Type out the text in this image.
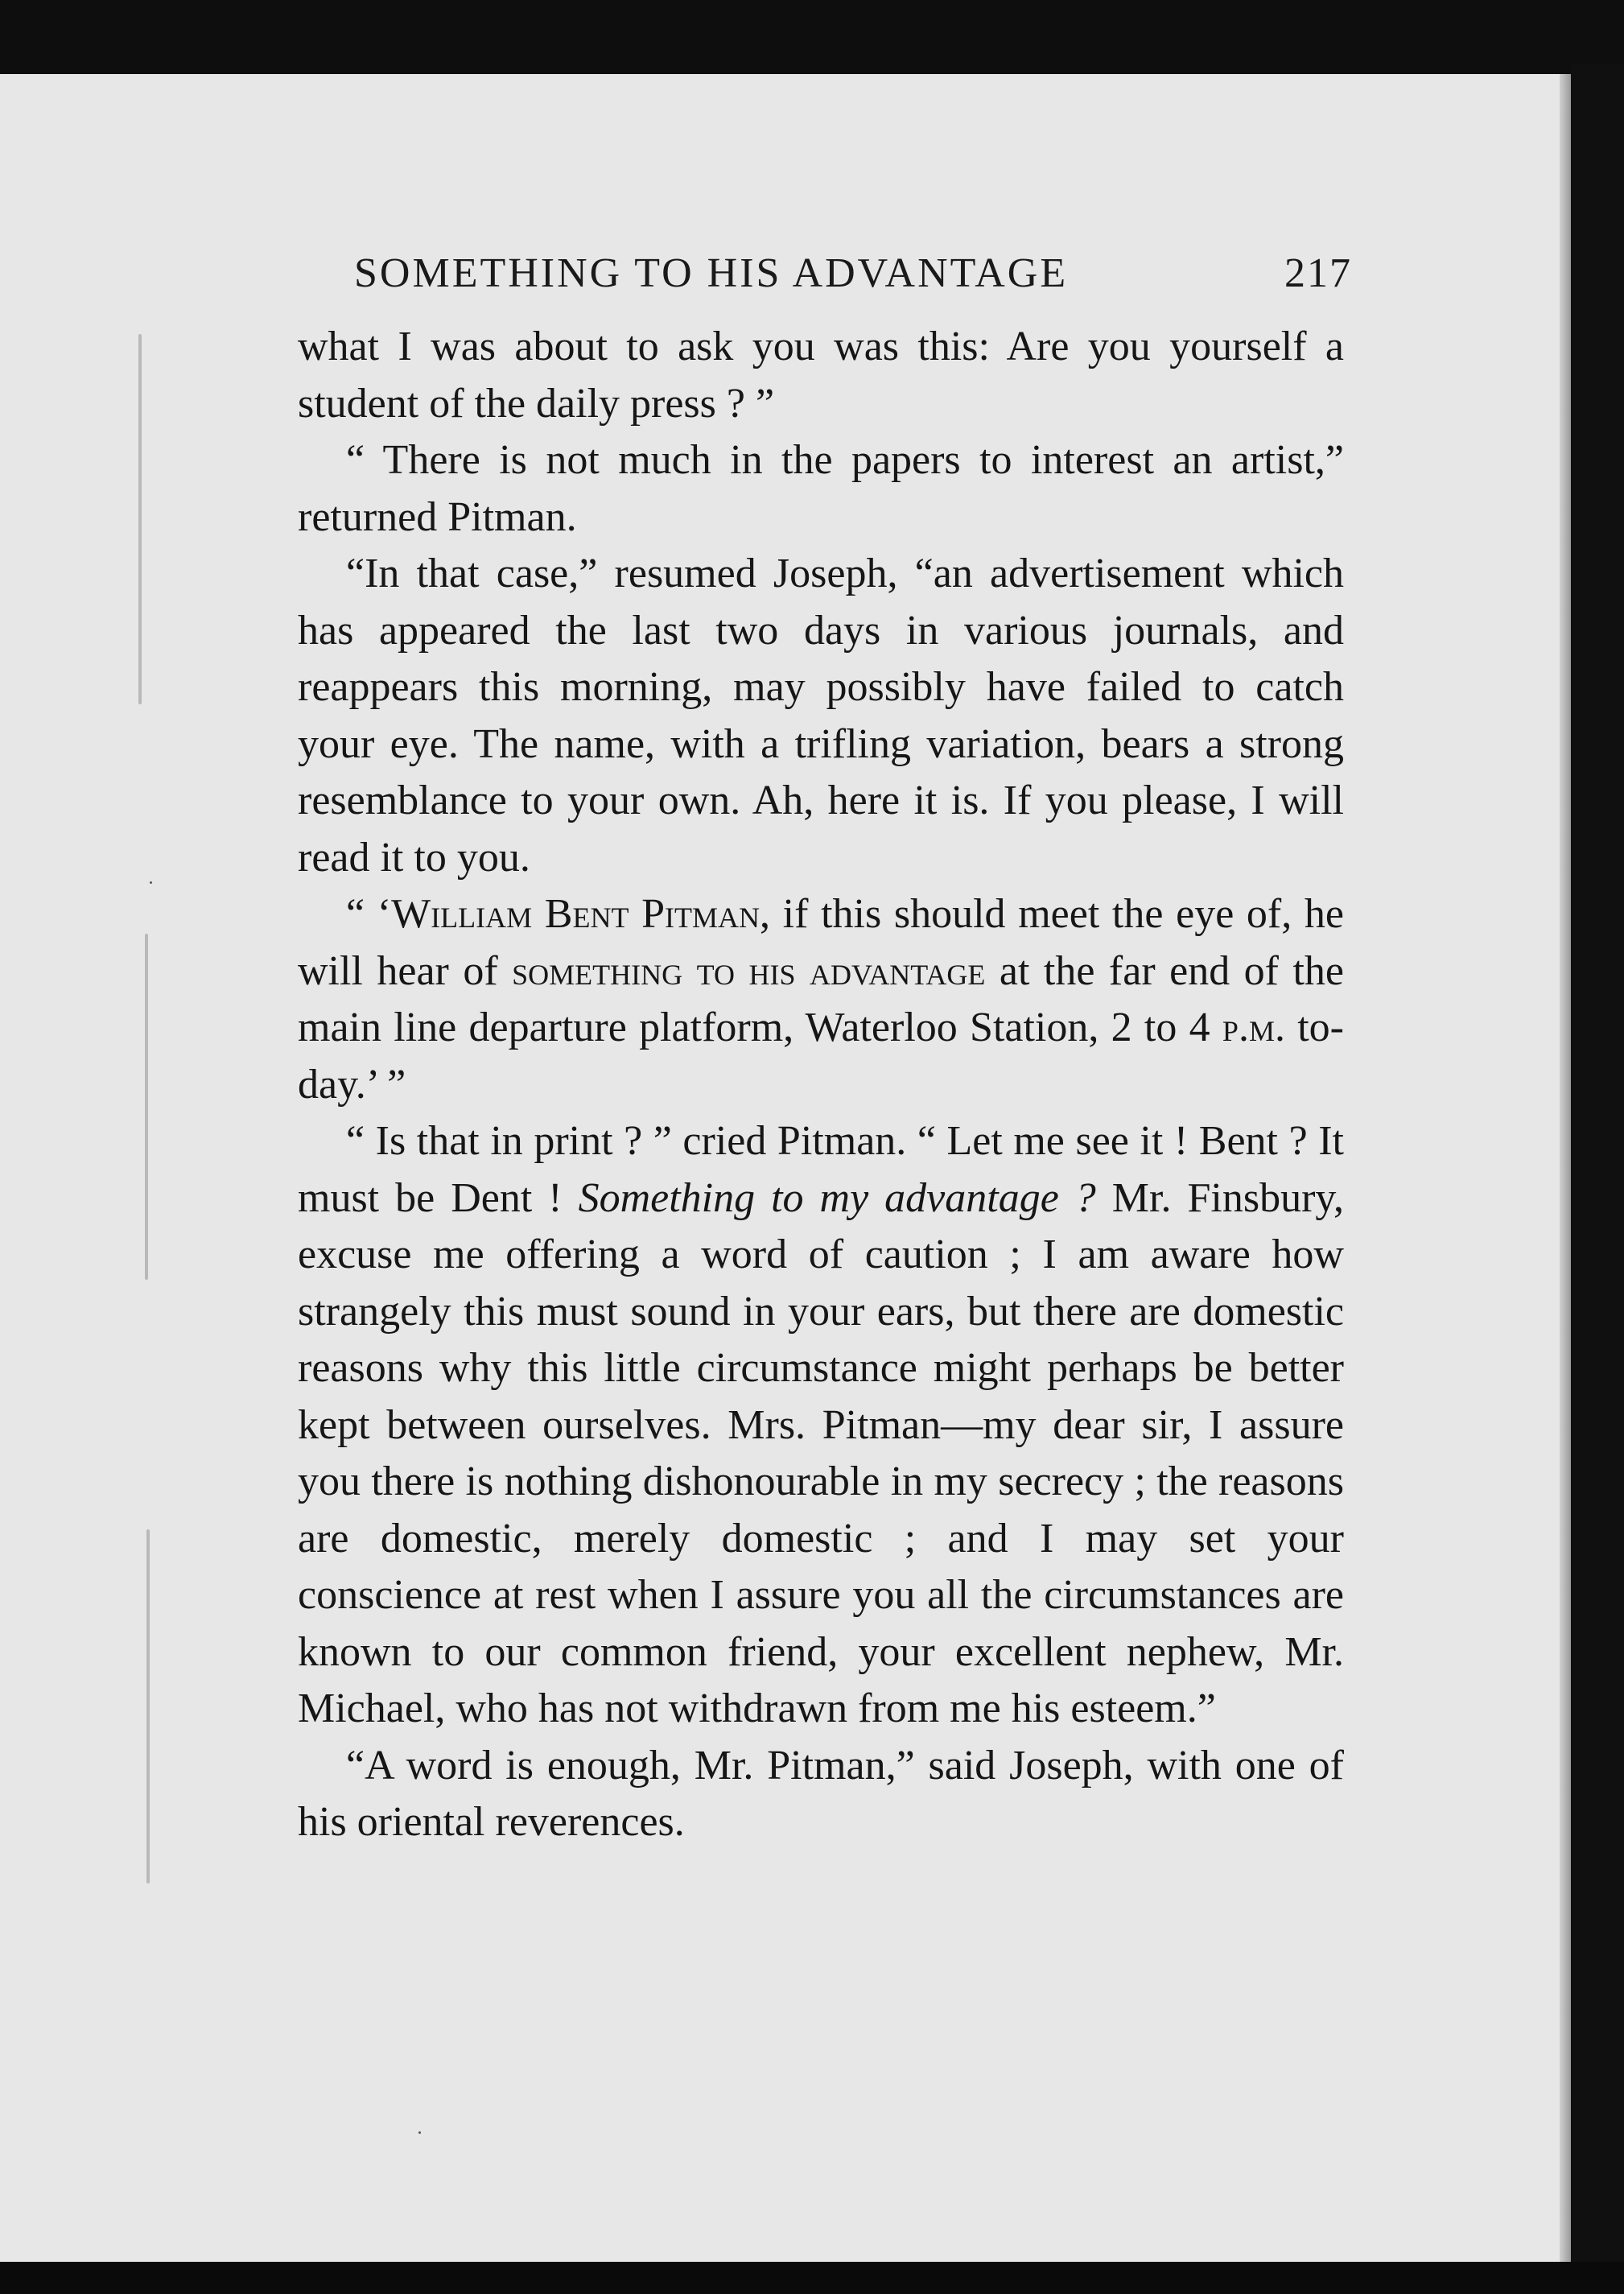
SOMETHING TO HIS ADVANTAGE	217

what I was about to ask you was this: Are you yourself a student of the daily press ? ”

“ There is not much in the papers to interest an artist,” returned Pitman.

“In that case,” resumed Joseph, “an advertisement which has appeared the last two days in various journals, and reappears this morning, may possibly have failed to catch your eye. The name, with a trifling variation, bears a strong resemblance to your own. Ah, here it is. If you please, I will read it to you.

“ ‘William Bent Pitman, if this should meet the eye of, he will hear of something to his advantage at the far end of the main line departure platform, Waterloo Station, 2 to 4 p.m. to-day.’ ”

“ Is that in print ? ” cried Pitman. “ Let me see it ! Bent ? It must be Dent ! Something to my advantage ? Mr. Finsbury, excuse me offering a word of caution ; I am aware how strangely this must sound in your ears, but there are domestic reasons why this little circumstance might perhaps be better kept between ourselves. Mrs. Pitman—my dear sir, I assure you there is nothing dishonourable in my secrecy ; the reasons are domestic, merely domestic ; and I may set your conscience at rest when I assure you all the circumstances are known to our common friend, your excellent nephew, Mr. Michael, who has not withdrawn from me his esteem.”

“A word is enough, Mr. Pitman,” said Joseph, with one of his oriental reverences.
